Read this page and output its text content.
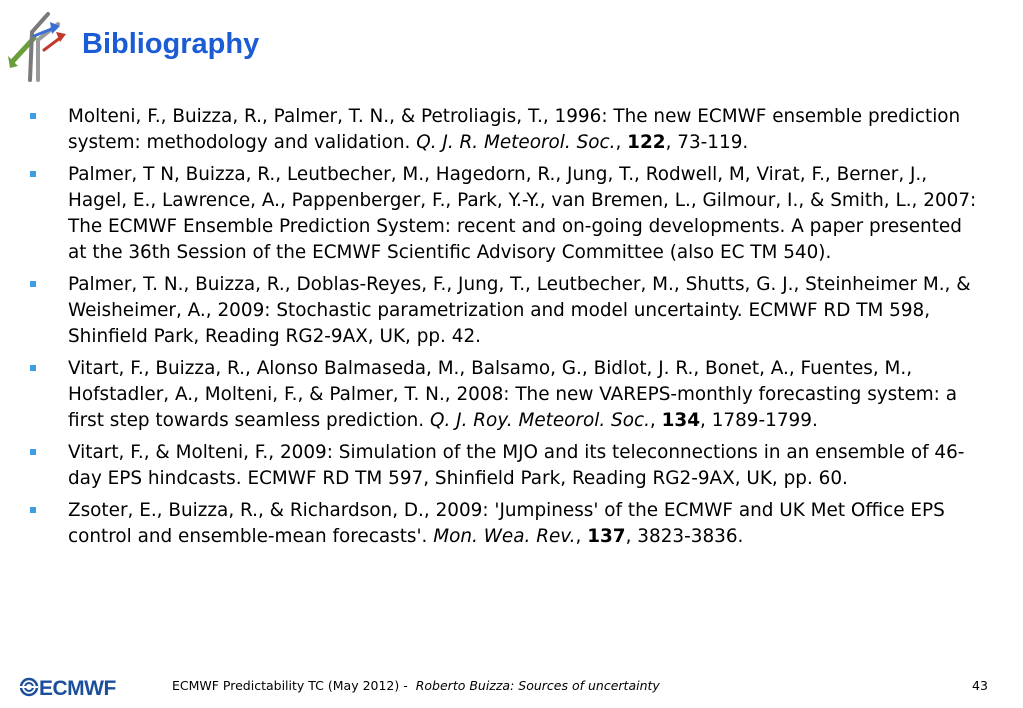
Bibliography
Molteni, F., Buizza, R., Palmer, T. N., & Petroliagis, T., 1996: The new ECMWF ensemble prediction system: methodology and validation. Q. J. R. Meteorol. Soc., 122, 73-119.
Palmer, T N, Buizza, R., Leutbecher, M., Hagedorn, R., Jung, T., Rodwell, M, Virat, F., Berner, J., Hagel, E., Lawrence, A., Pappenberger, F., Park, Y.-Y., van Bremen, L., Gilmour, I., & Smith, L., 2007: The ECMWF Ensemble Prediction System: recent and on-going developments. A paper presented at the 36th Session of the ECMWF Scientific Advisory Committee (also EC TM 540).
Palmer, T. N., Buizza, R., Doblas-Reyes, F., Jung, T., Leutbecher, M., Shutts, G. J., Steinheimer M., & Weisheimer, A., 2009: Stochastic parametrization and model uncertainty. ECMWF RD TM 598, Shinfield Park, Reading RG2-9AX, UK, pp. 42.
Vitart, F., Buizza, R., Alonso Balmaseda, M., Balsamo, G., Bidlot, J. R., Bonet, A., Fuentes, M., Hofstadler, A., Molteni, F., & Palmer, T. N., 2008: The new VAREPS-monthly forecasting system: a first step towards seamless prediction. Q. J. Roy. Meteorol. Soc., 134, 1789-1799.
Vitart, F., & Molteni, F., 2009: Simulation of the MJO and its teleconnections in an ensemble of 46-day EPS hindcasts. ECMWF RD TM 597, Shinfield Park, Reading RG2-9AX, UK, pp. 60.
Zsoter, E., Buizza, R., & Richardson, D., 2009: 'Jumpiness' of the ECMWF and UK Met Office EPS control and ensemble-mean forecasts'. Mon. Wea. Rev., 137, 3823-3836.
ECMWF	ECMWF Predictability TC (May 2012) - Roberto Buizza: Sources of uncertainty	43
